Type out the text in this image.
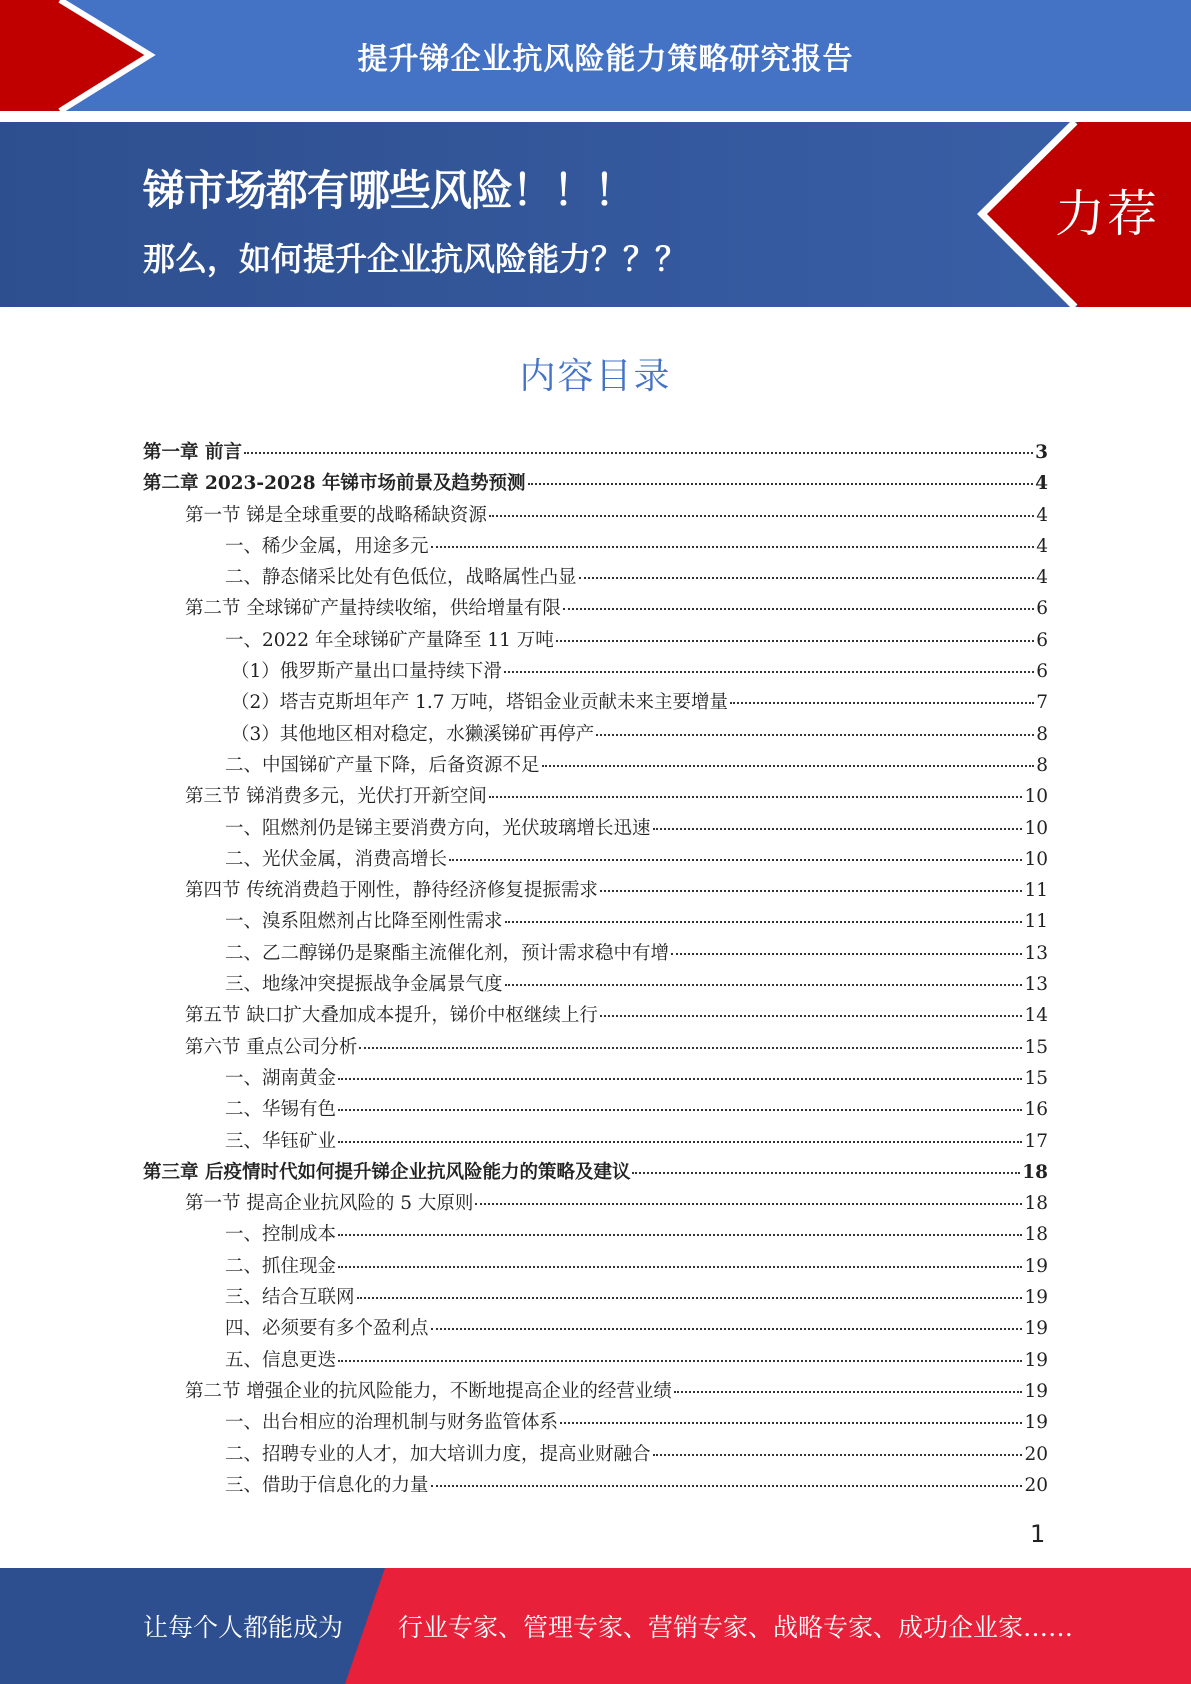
提升锑企业抗风险能力策略研究报告
锑市场都有哪些风险！！！
那么，如何提升企业抗风险能力？？？
力荐
内容目录
第一章 前言	3
第二章 2023-2028 年锑市场前景及趋势预测	4
第一节 锑是全球重要的战略稀缺资源	4
一、稀少金属，用途多元	4
二、静态储采比处有色低位，战略属性凸显	4
第二节 全球锑矿产量持续收缩，供给增量有限	6
一、2022 年全球锑矿产量降至 11 万吨	6
（1）俄罗斯产量出口量持续下滑	6
（2）塔吉克斯坦年产 1.7 万吨，塔铝金业贡献未来主要增量	7
（3）其他地区相对稳定，水獭溪锑矿再停产	8
二、中国锑矿产量下降，后备资源不足	8
第三节 锑消费多元，光伏打开新空间	10
一、阻燃剂仍是锑主要消费方向，光伏玻璃增长迅速	10
二、光伏金属，消费高增长	10
第四节 传统消费趋于刚性，静待经济修复提振需求	11
一、溴系阻燃剂占比降至刚性需求	11
二、乙二醇锑仍是聚酯主流催化剂，预计需求稳中有增	13
三、地缘冲突提振战争金属景气度	13
第五节 缺口扩大叠加成本提升，锑价中枢继续上行	14
第六节 重点公司分析	15
一、湖南黄金	15
二、华锡有色	16
三、华钰矿业	17
第三章 后疫情时代如何提升锑企业抗风险能力的策略及建议	18
第一节 提高企业抗风险的 5 大原则	18
一、控制成本	18
二、抓住现金	19
三、结合互联网	19
四、必须要有多个盈利点	19
五、信息更迭	19
第二节 增强企业的抗风险能力，不断地提高企业的经营业绩	19
一、出台相应的治理机制与财务监管体系	19
二、招聘专业的人才，加大培训力度，提高业财融合	20
三、借助于信息化的力量	20
1
让每个人都能成为 行业专家、管理专家、营销专家、战略专家、成功企业家……
